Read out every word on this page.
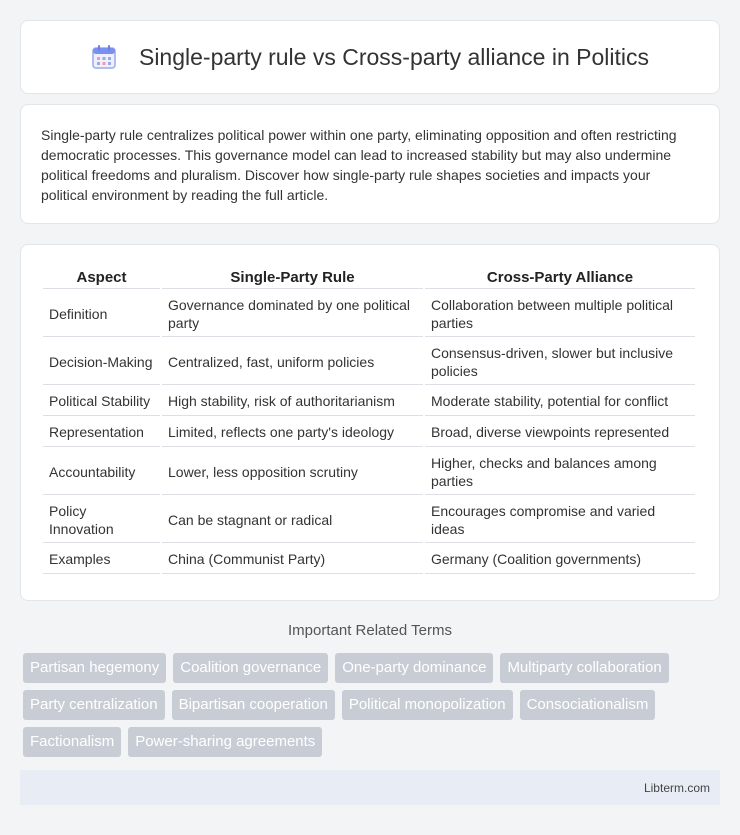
Single-party rule vs Cross-party alliance in Politics

Single-party rule centralizes political power within one party, eliminating opposition and often restricting democratic processes. This governance model can lead to increased stability but may also undermine political freedoms and pluralism. Discover how single-party rule shapes societies and impacts your political environment by reading the full article.

Aspect	Single-Party Rule	Cross-Party Alliance
Definition	Governance dominated by one political party	Collaboration between multiple political parties
Decision-Making	Centralized, fast, uniform policies	Consensus-driven, slower but inclusive policies
Political Stability	High stability, risk of authoritarianism	Moderate stability, potential for conflict
Representation	Limited, reflects one party's ideology	Broad, diverse viewpoints represented
Accountability	Lower, less opposition scrutiny	Higher, checks and balances among parties
Policy Innovation	Can be stagnant or radical	Encourages compromise and varied ideas
Examples	China (Communist Party)	Germany (Coalition governments)
Important Related Terms
Partisan hegemony	Coalition governance	One-party dominance	Multiparty collaboration
Party centralization	Bipartisan cooperation	Political monopolization	Consociationalism
Factionalism	Power-sharing agreements
Libterm.com
